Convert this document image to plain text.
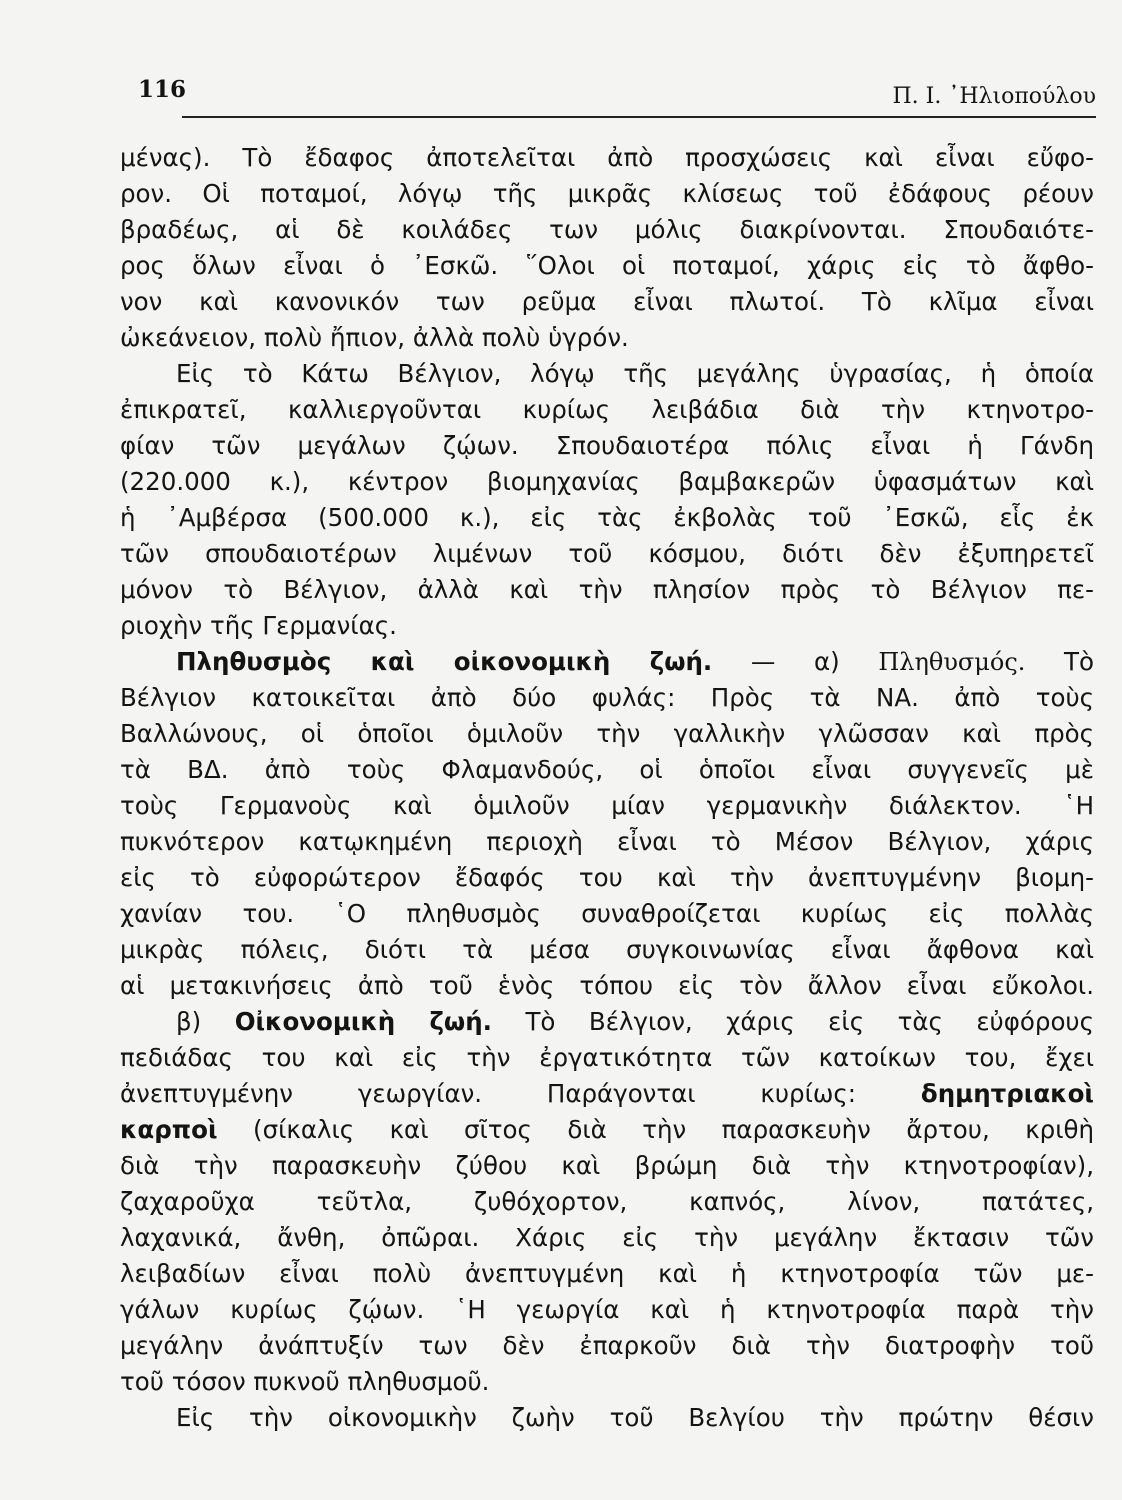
116	Π. Ι. ᾿Ηλιοπούλου
μένας). Τὸ ἔδαφος ἀποτελεῖται ἀπὸ προσχώσεις καὶ εἶναι εὔφο-
ρον. Οἱ ποταμοί, λόγῳ τῆς μικρᾶς κλίσεως τοῦ ἐδάφους ρέουν
βραδέως, αἱ δὲ κοιλάδες των μόλις διακρίνονται. Σπουδαιότε-
ρος ὅλων εἶναι ὁ ᾿Εσκῶ. ῞Ολοι οἱ ποταμοί, χάρις εἰς τὸ ἄφθο-
νον καὶ κανονικόν των ρεῦμα εἶναι πλωτοί. Τὸ κλῖμα εἶναι
ὠκεάνειον, πολὺ ἤπιον, ἀλλὰ πολὺ ὑγρόν.
Εἰς τὸ Κάτω Βέλγιον, λόγῳ τῆς μεγάλης ὑγρασίας, ἡ ὁποία
ἐπικρατεῖ, καλλιεργοῦνται κυρίως λειβάδια διὰ τὴν κτηνοτρο-
φίαν τῶν μεγάλων ζῴων. Σπουδαιοτέρα πόλις εἶναι ἡ Γάνδη
(220.000 κ.), κέντρον βιομηχανίας βαμβακερῶν ὑφασμάτων καὶ
ἡ ᾿Αμβέρσα (500.000 κ.), εἰς τὰς ἐκβολὰς τοῦ ᾿Εσκῶ, εἷς ἐκ
τῶν σπουδαιοτέρων λιμένων τοῦ κόσμου, διότι δὲν ἐξυπηρετεῖ
μόνον τὸ Βέλγιον, ἀλλὰ καὶ τὴν πλησίον πρὸς τὸ Βέλγιον πε-
ριοχὴν τῆς Γερμανίας.
Πληθυσμὸς καὶ οἰκονομικὴ ζωή. — α) Πληθυσμός. Τὸ
Βέλγιον κατοικεῖται ἀπὸ δύο φυλάς: Πρὸς τὰ ΝΑ. ἀπὸ τοὺς
Βαλλώνους, οἱ ὁποῖοι ὁμιλοῦν τὴν γαλλικὴν γλῶσσαν καὶ πρὸς
τὰ ΒΔ. ἀπὸ τοὺς Φλαμανδούς, οἱ ὁποῖοι εἶναι συγγενεῖς μὲ
τοὺς Γερμανοὺς καὶ ὁμιλοῦν μίαν γερμανικὴν διάλεκτον. ῾Η
πυκνότερον κατῳκημένη περιοχὴ εἶναι τὸ Μέσον Βέλγιον, χάρις
εἰς τὸ εὐφορώτερον ἔδαφός του καὶ τὴν ἀνεπτυγμένην βιομη-
χανίαν του. ῾Ο πληθυσμὸς συναθροίζεται κυρίως εἰς πολλὰς
μικρὰς πόλεις, διότι τὰ μέσα συγκοινωνίας εἶναι ἄφθονα καὶ
αἱ μετακινήσεις ἀπὸ τοῦ ἑνὸς τόπου εἰς τὸν ἄλλον εἶναι εὔκολοι.
β) Οἰκονομικὴ ζωή. Τὸ Βέλγιον, χάρις εἰς τὰς εὐφόρους
πεδιάδας του καὶ εἰς τὴν ἐργατικότητα τῶν κατοίκων του, ἔχει
ἀνεπτυγμένην γεωργίαν. Παράγονται κυρίως:	δημητριακοὶ
καρποὶ (σίκαλις καὶ σῖτος διὰ τὴν παρασκευὴν ἄρτου, κριθὴ
διὰ τὴν παρασκευὴν ζύθου καὶ βρώμη διὰ τὴν κτηνοτροφίαν),
ζαχαροῦχα τεῦτλα, ζυθόχορτον, καπνός, λίνον, πατάτες,
λαχανικά, ἄνθη, ὀπῶραι. Χάρις εἰς τὴν μεγάλην ἔκτασιν τῶν
λειβαδίων εἶναι πολὺ ἀνεπτυγμένη καὶ ἡ κτηνοτροφία τῶν με-
γάλων κυρίως ζῴων. ῾Η γεωργία καὶ ἡ κτηνοτροφία παρὰ τὴν
μεγάλην ἀνάπτυξίν των δὲν ἐπαρκοῦν διὰ τὴν διατροφὴν τοῦ
τοῦ τόσον πυκνοῦ πληθυσμοῦ.
Εἰς τὴν οἰκονομικὴν ζωὴν τοῦ Βελγίου τὴν πρώτην θέσιν
